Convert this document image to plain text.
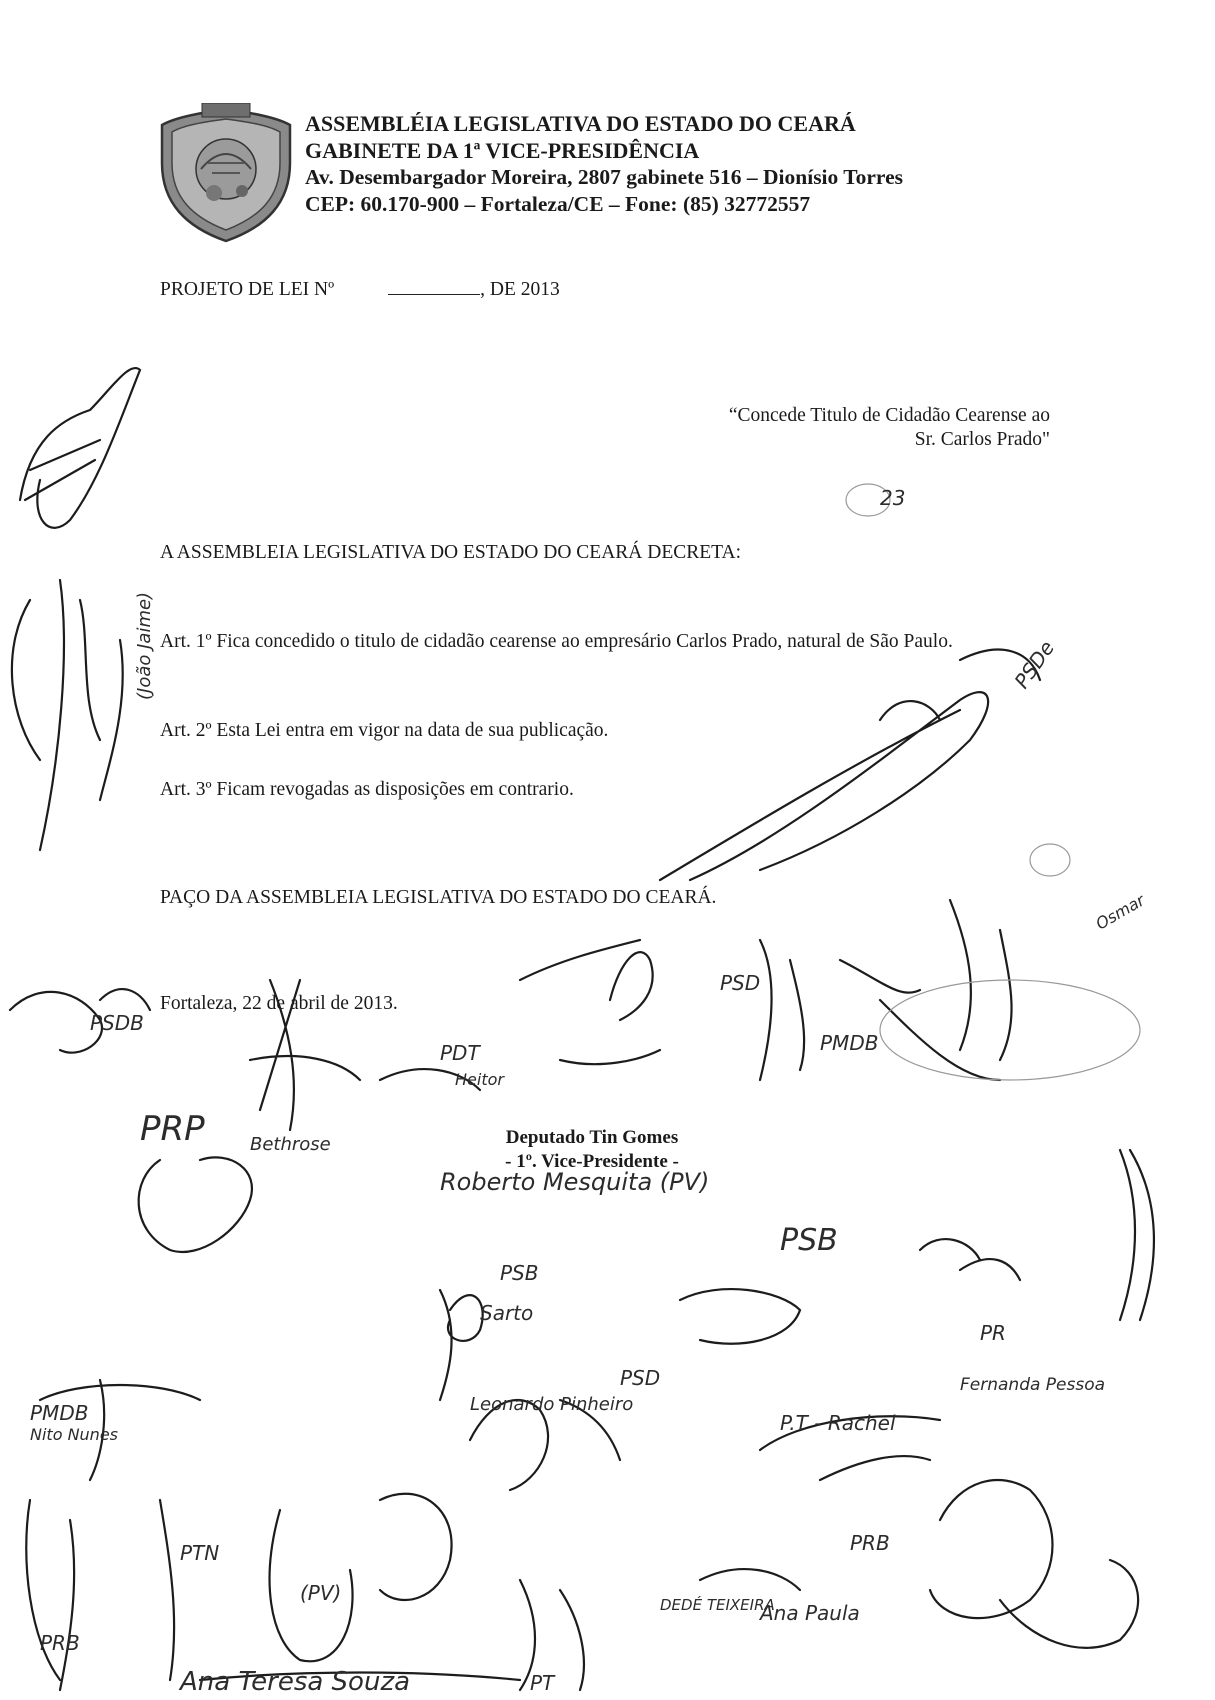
ASSEMBLÉIA LEGISLATIVA DO ESTADO DO CEARÁ
GABINETE DA 1ª VICE-PRESIDÊNCIA
Av. Desembargador Moreira, 2807 gabinete 516 – Dionísio Torres
CEP: 60.170-900 – Fortaleza/CE – Fone: (85) 32772557
PROJETO DE LEI Nº	, DE 2013
“Concede Titulo de Cidadão Cearense ao
Sr. Carlos Prado"
A ASSEMBLEIA LEGISLATIVA DO ESTADO DO CEARÁ DECRETA:
Art. 1º Fica concedido o titulo de cidadão cearense ao empresário Carlos Prado, natural de São Paulo.
Art. 2º Esta Lei entra em vigor na data de sua publicação.
Art. 3º Ficam revogadas as disposições em contrario.
PAÇO DA ASSEMBLEIA LEGISLATIVA DO ESTADO DO CEARÁ.
Fortaleza, 22 de abril de 2013.
Deputado Tin Gomes
- 1º. Vice-Presidente -
23
PSDe
PRP
PMDB
PMDB
PSB
PSB
PSD
PSD
PSDB
PDT
(PV)
Roberto Mesquita (PV)
PRB
PRB
PTN
PT
P.T - Rachel
PR
DEDÉ TEIXEIRA
Ana Paula
Bethrose
Leonardo Pinheiro
(João Jaime)
Fernanda Pessoa
Osmar
Nito Nunes
Sarto
Ana Teresa Souza
Heitor
